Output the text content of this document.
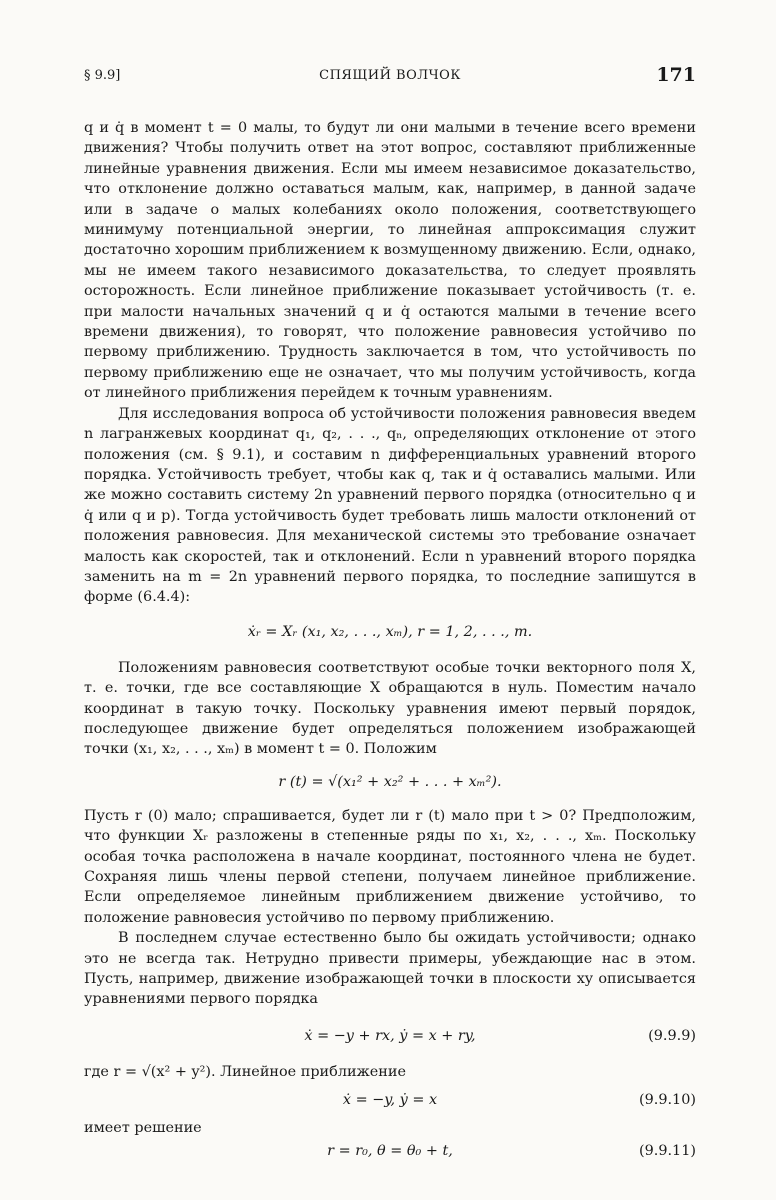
§ 9.9]	СПЯЩИЙ ВОЛЧОК	171

q и q̇ в момент t = 0 малы, то будут ли они малыми в течение всего времени движения? Чтобы получить ответ на этот вопрос, составляют приближенные линейные уравнения движения. Если мы имеем независимое доказательство, что отклонение должно оставаться малым, как, например, в данной задаче или в задаче о малых колебаниях около положения, соответствующего минимуму потенциальной энергии, то линейная аппроксимация служит достаточно хорошим приближением к возмущенному движению. Если, однако, мы не имеем такого независимого доказательства, то следует проявлять осторожность. Если линейное приближение показывает устойчивость (т. е. при малости начальных значений q и q̇ остаются малыми в течение всего времени движения), то говорят, что положение равновесия устойчиво по первому приближению. Трудность заключается в том, что устойчивость по первому приближению еще не означает, что мы получим устойчивость, когда от линейного приближения перейдем к точным уравнениям.

Для исследования вопроса об устойчивости положения равновесия введем n лагранжевых координат q₁, q₂, . . ., qₙ, определяющих отклонение от этого положения (см. § 9.1), и составим n дифференциальных уравнений второго порядка. Устойчивость требует, чтобы как q, так и q̇ оставались малыми. Или же можно составить систему 2n уравнений первого порядка (относительно q и q̇ или q и p). Тогда устойчивость будет требовать лишь малости отклонений от положения равновесия. Для механической системы это требование означает малость как скоростей, так и отклонений. Если n уравнений второго порядка заменить на m = 2n уравнений первого порядка, то последние запишутся в форме (6.4.4):

ẋᵣ = Xᵣ (x₁, x₂, . . ., xₘ), r = 1, 2, . . ., m.

Положениям равновесия соответствуют особые точки векторного поля X, т. е. точки, где все составляющие X обращаются в нуль. Поместим начало координат в такую точку. Поскольку уравнения имеют первый порядок, последующее движение будет определяться положением изображающей точки (x₁, x₂, . . ., xₘ) в момент t = 0. Положим

r (t) = √(x₁² + x₂² + . . . + xₘ²).

Пусть r (0) мало; спрашивается, будет ли r (t) мало при t > 0? Предположим, что функции Xᵣ разложены в степенные ряды по x₁, x₂, . . ., xₘ. Поскольку особая точка расположена в начале координат, постоянного члена не будет. Сохраняя лишь члены первой степени, получаем линейное приближение. Если определяемое линейным приближением движение устойчиво, то положение равновесия устойчиво по первому приближению.

В последнем случае естественно было бы ожидать устойчивости; однако это не всегда так. Нетрудно привести примеры, убеждающие нас в этом. Пусть, например, движение изображающей точки в плоскости xy описывается уравнениями первого порядка

ẋ = −y + rx, ẏ = x + ry,	(9.9.9)

где r = √(x² + y²). Линейное приближение

ẋ = −y, ẏ = x	(9.9.10)

имеет решение

r = r₀, θ = θ₀ + t,	(9.9.11)
